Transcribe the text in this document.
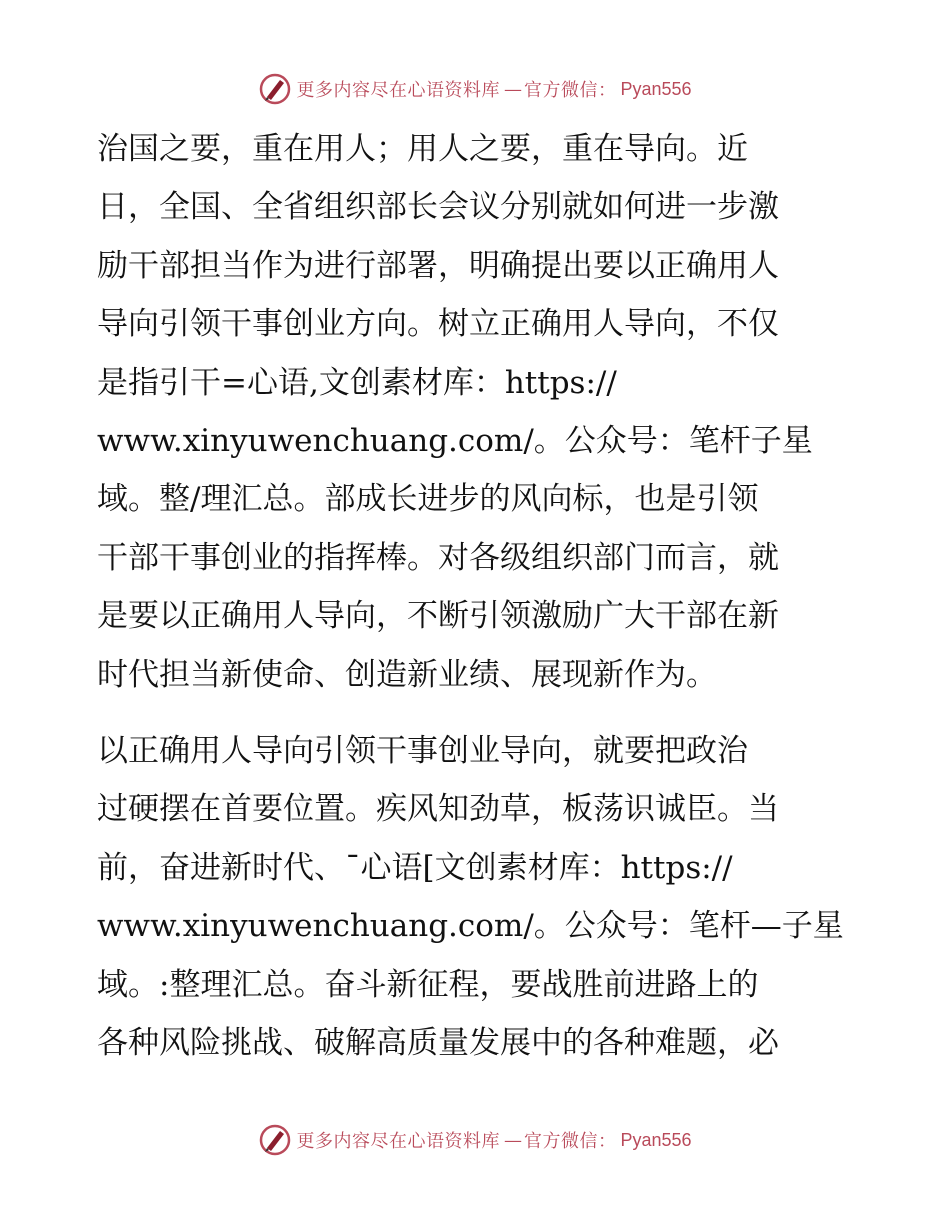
更多内容尽在心语资料库 — 官方微信： Pyan556

治国之要，重在用人；用人之要，重在导向。近
日，全国、全省组织部长会议分别就如何进一步激
励干部担当作为进行部署，明确提出要以正确用人
导向引领干事创业方向。树立正确用人导向，不仅
是指引干=心语,文创素材库：https://
www.xinyuwenchuang.com/。公众号：笔杆子星
域。整/理汇总。部成长进步的风向标，也是引领
干部干事创业的指挥棒。对各级组织部门而言，就
是要以正确用人导向，不断引领激励广大干部在新
时代担当新使命、创造新业绩、展现新作为。

以正确用人导向引领干事创业导向，就要把政治
过硬摆在首要位置。疾风知劲草，板荡识诚臣。当
前，奋进新时代、¯心语[文创素材库：https://
www.xinyuwenchuang.com/。公众号：笔杆—子星
域。:整理汇总。奋斗新征程，要战胜前进路上的
各种风险挑战、破解高质量发展中的各种难题，必

更多内容尽在心语资料库 — 官方微信： Pyan556
